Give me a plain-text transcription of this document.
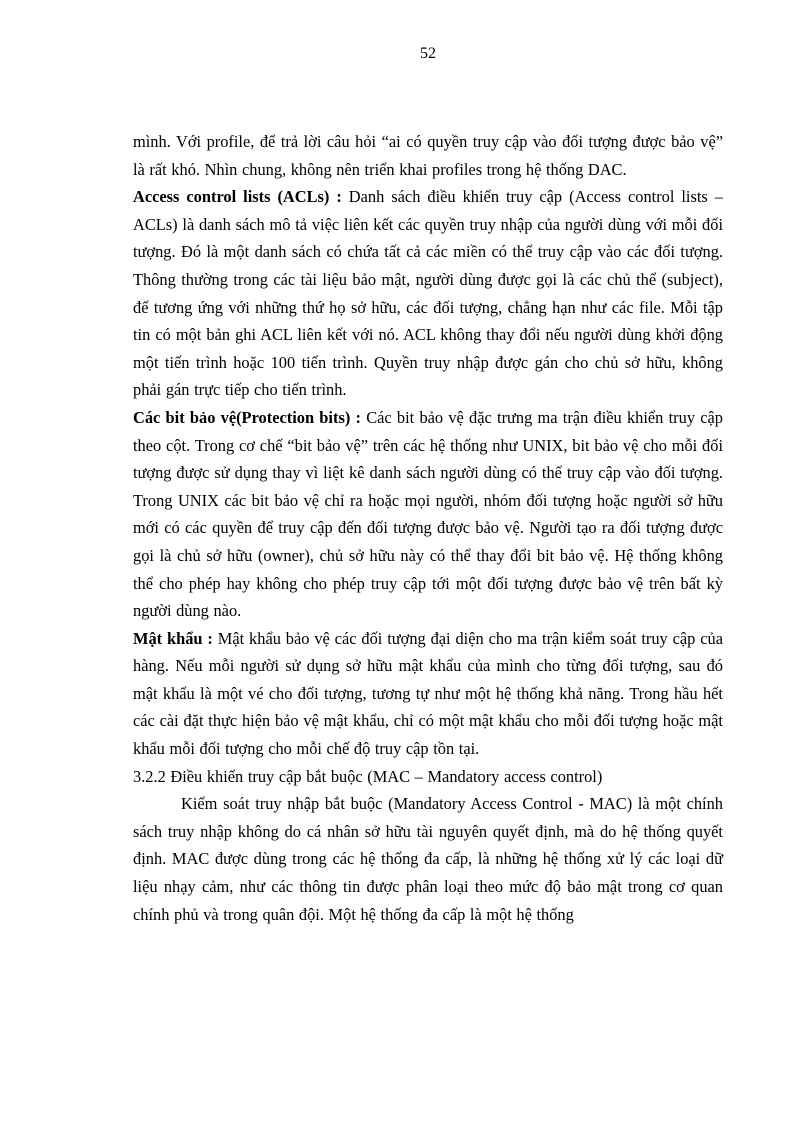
52

mình. Với profile, để trả lời câu hỏi “ai có quyền truy cập vào đối tượng được bảo vệ” là rất khó. Nhìn chung, không nên triển khai profiles trong hệ thống DAC.

Access control lists (ACLs) : Danh sách điều khiển truy cập (Access control lists – ACLs) là danh sách mô tả việc liên kết các quyền truy nhập của người dùng với mỗi đối tượng. Đó là một danh sách có chứa tất cả các miền có thể truy cập vào các đối tượng. Thông thường trong các tài liệu bảo mật, người dùng được gọi là các chủ thể (subject), để tương ứng với những thứ họ sở hữu, các đối tượng, chẳng hạn như các file. Mỗi tập tin có một bản ghi ACL liên kết với nó. ACL không thay đổi nếu người dùng khởi động một tiến trình hoặc 100 tiến trình. Quyền truy nhập được gán cho chủ sở hữu, không phải gán trực tiếp cho tiến trình.

Các bit bảo vệ(Protection bits) : Các bit bảo vệ đặc trưng ma trận điều khiển truy cập theo cột. Trong cơ chế “bit bảo vệ” trên các hệ thống như UNIX, bit bảo vệ cho mỗi đối tượng được sử dụng thay vì liệt kê danh sách người dùng có thể truy cập vào đối tượng. Trong UNIX các bit bảo vệ chỉ ra hoặc mọi người, nhóm đối tượng hoặc người sở hữu mới có các quyền để truy cập đến đối tượng được bảo vệ. Người tạo ra đối tượng được gọi là chủ sở hữu (owner), chủ sở hữu này có thể thay đổi bit bảo vệ. Hệ thống không thể cho phép hay không cho phép truy cập tới một đối tượng được bảo vệ trên bất kỳ người dùng nào.

Mật khẩu : Mật khẩu bảo vệ các đối tượng đại diện cho ma trận kiểm soát truy cập của hàng. Nếu mỗi người sử dụng sở hữu mật khẩu của mình cho từng đối tượng, sau đó mật khẩu là một vé cho đối tượng, tương tự như một hệ thống khả năng. Trong hầu hết các cài đặt thực hiện bảo vệ mật khẩu, chỉ có một mật khẩu cho mỗi đối tượng hoặc mật khẩu mỗi đối tượng cho mỗi chế độ truy cập tồn tại.

3.2.2 Điều khiển truy cập bắt buộc (MAC – Mandatory access control)

Kiểm soát truy nhập bắt buộc (Mandatory Access Control - MAC) là một chính sách truy nhập không do cá nhân sở hữu tài nguyên quyết định, mà do hệ thống quyết định. MAC được dùng trong các hệ thống đa cấp, là những hệ thống xử lý các loại dữ liệu nhạy cảm, như các thông tin được phân loại theo mức độ bảo mật trong cơ quan chính phủ và trong quân đội. Một hệ thống đa cấp là một hệ thống
